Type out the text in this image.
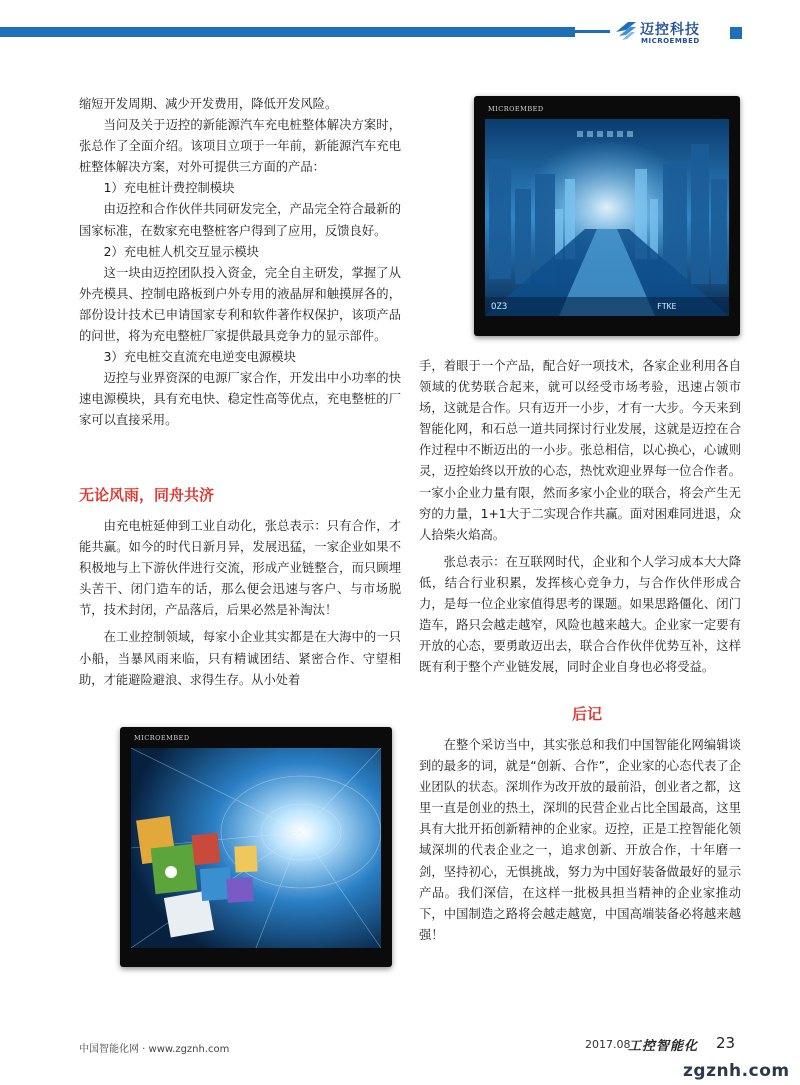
迈控科技
MICROEMBED

缩短开发周期、减少开发费用，降低开发风险。

当问及关于迈控的新能源汽车充电桩整体解决方案时，张总作了全面介绍。该项目立项于一年前，新能源汽车充电桩整体解决方案，对外可提供三方面的产品：

1）充电桩计费控制模块

由迈控和合作伙伴共同研发完全，产品完全符合最新的国家标准，在数家充电整桩客户得到了应用，反馈良好。

2）充电桩人机交互显示模块

这一块由迈控团队投入资金，完全自主研发，掌握了从外壳模具、控制电路板到户外专用的液晶屏和触摸屏各的，部份设计技术已申请国家专利和软件著作权保护，该项产品的问世，将为充电整桩厂家提供最具竞争力的显示部件。

3）充电桩交直流充电逆变电源模块

迈控与业界资深的电源厂家合作，开发出中小功率的快速电源模块，具有充电快、稳定性高等优点，充电整桩的厂家可以直接采用。

无论风雨，同舟共济

由充电桩延伸到工业自动化，张总表示：只有合作，才能共赢。如今的时代日新月异，发展迅猛，一家企业如果不积极地与上下游伙伴进行交流，形成产业链整合，而只顾埋头苦干、闭门造车的话，那么便会迅速与客户、与市场脱节，技术封闭，产品落后，后果必然是补淘汰！

在工业控制领域，每家小企业其实都是在大海中的一只小船，当暴风雨来临，只有精诚团结、紧密合作、守望相助，才能避险避浪、求得生存。从小处着

MICROEMBED
OZ3	FTKE

手，着眼于一个产品，配合好一项技术，各家企业利用各自领域的优势联合起来，就可以经受市场考验，迅速占领市场，这就是合作。只有迈开一小步，才有一大步。今天来到智能化网，和石总一道共同探讨行业发展，这就是迈控在合作过程中不断迈出的一小步。张总相信，以心换心，心诚则灵，迈控始终以开放的心态，热忱欢迎业界每一位合作者。一家小企业力量有限，然而多家小企业的联合，将会产生无穷的力量，1+1大于二实现合作共赢。面对困难同进退，众人拾柴火焰高。

张总表示：在互联网时代，企业和个人学习成本大大降低，结合行业积累，发挥核心竞争力，与合作伙伴形成合力，是每一位企业家值得思考的课题。如果思路僵化、闭门造车，路只会越走越窄，风险也越来越大。企业家一定要有开放的心态，要勇敢迈出去，联合合作伙伴优势互补，这样既有利于整个产业链发展，同时企业自身也必将受益。

后记

在整个采访当中，其实张总和我们中国智能化网编辑谈到的最多的词，就是“创新、合作”，企业家的心态代表了企业团队的状态。深圳作为改开放的最前沿，创业者之都，这里一直是创业的热土，深圳的民营企业占比全国最高，这里具有大批开拓创新精神的企业家。迈控，正是工控智能化领域深圳的代表企业之一，追求创新、开放合作，十年磨一剑，坚持初心，无惧挑战，努力为中国好装备做最好的显示产品。我们深信，在这样一批极具担当精神的企业家推动下，中国制造之路将会越走越宽，中国高端装备必将越来越强！

MICROEMBED
中国智能化网 · www.zgznh.com	2017.08
工控智能化 23
zgznh.com
